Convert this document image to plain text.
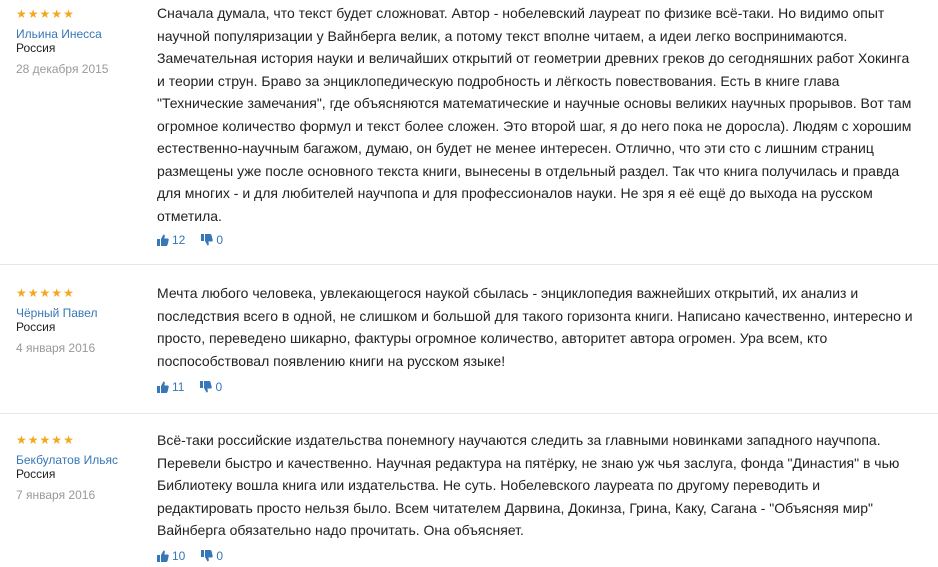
★ ★ ★ ★ ★
Ильина Инесса
Россия
28 декабря 2015
Сначала думала, что текст будет сложноват. Автор - нобелевский лауреат по физике всё-таки. Но видимо опыт
научной популяризации у Вайнберга велик, а потому текст вполне читаем, а идеи легко воспринимаются.
Замечательная история науки и величайших открытий от геометрии древних греков до сегодняшних работ Хокинга
и теории струн. Браво за энциклопедическую подробность и лёгкость повествования. Есть в книге глава
"Технические замечания", где объясняются математические и научные основы великих научных прорывов. Вот там
огромное количество формул и текст более сложен. Это второй шаг, я до него пока не доросла). Людям с хорошим
естественно-научным багажом, думаю, он будет не менее интересен. Отлично, что эти сто с лишним страниц
размещены уже после основного текста книги, вынесены в отдельный раздел. Так что книга получилась и правда
для многих - и для любителей научпопа и для профессионалов науки. Не зря я её ещё до выхода на русском
отметила.
12	0
★ ★ ★ ★ ★
Чёрный Павел
Россия
4 января 2016
Мечта любого человека, увлекающегося наукой сбылась - энциклопедия важнейших открытий, их анализ и
последствия всего в одной, не слишком и большой для такого горизонта книги. Написано качественно, интересно и
просто, переведено шикарно, фактуры огромное количество, авторитет автора огромен. Ура всем, кто
поспособствовал появлению книги на русском языке!
11	0
★ ★ ★ ★ ★
Бекбулатов Ильяс
Россия
7 января 2016
Всё-таки российские издательства понемногу научаются следить за главными новинками западного научпопа.
Перевели быстро и качественно. Научная редактура на пятёрку, не знаю уж чья заслуга, фонда "Династия" в чью
Библиотеку вошла книга или издательства. Не суть. Нобелевского лауреата по другому переводить и
редактировать просто нельзя было. Всем читателем Дарвина, Докинза, Грина, Каку, Сагана - "Объясняя мир"
Вайнберга обязательно надо прочитать. Она объясняет.
10	0
